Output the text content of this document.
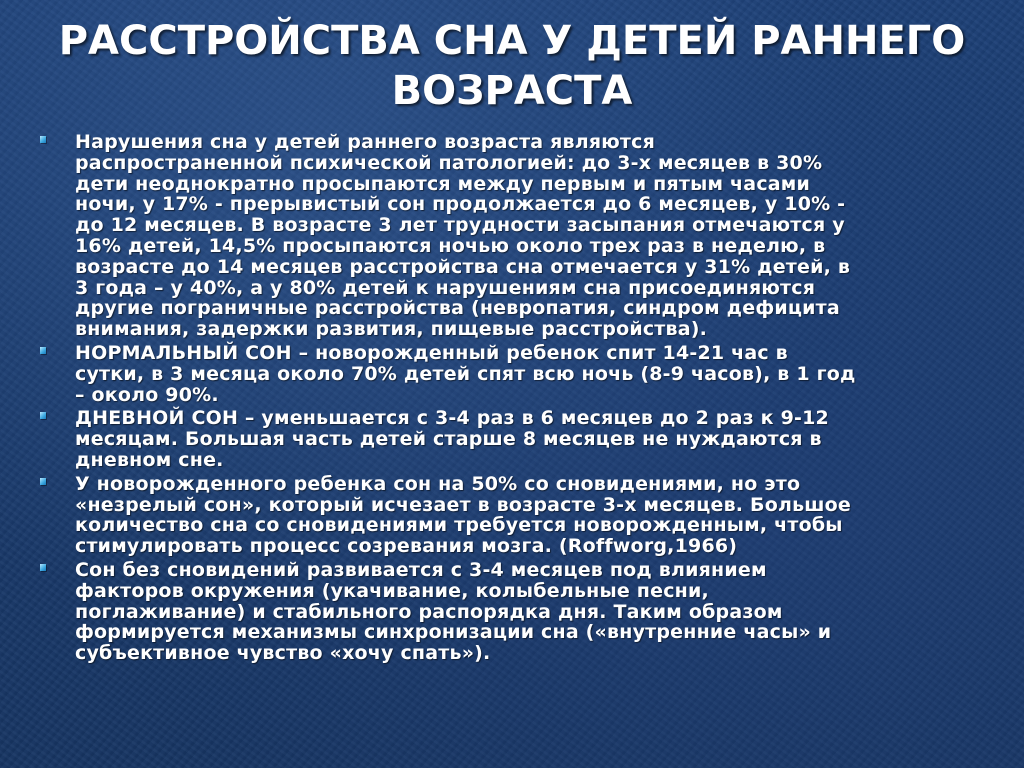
РАССТРОЙСТВА СНА У ДЕТЕЙ РАННЕГО
ВОЗРАСТА
Нарушения сна у детей раннего возраста являются
распространенной психической патологией: до 3-х месяцев в 30%
дети неоднократно просыпаются между первым и пятым часами
ночи, у 17% - прерывистый сон продолжается до 6 месяцев, у 10% -
до 12 месяцев. В возрасте 3 лет трудности засыпания отмечаются у
16% детей, 14,5% просыпаются ночью около трех раз в неделю, в
возрасте до 14 месяцев расстройства сна отмечается у 31% детей, в
3 года – у 40%, а у 80% детей к нарушениям сна присоединяются
другие пограничные расстройства (невропатия, синдром дефицита
внимания, задержки развития, пищевые расстройства).
НОРМАЛЬНЫЙ СОН – новорожденный ребенок спит 14-21 час в
сутки, в 3 месяца около 70% детей спят всю ночь (8-9 часов), в 1 год
– около 90%.
ДНЕВНОЙ СОН – уменьшается с 3-4 раз в 6 месяцев до 2 раз к 9-12
месяцам. Большая часть детей старше 8 месяцев не нуждаются в
дневном сне.
У новорожденного ребенка сон на 50% со сновидениями, но это
«незрелый сон», который исчезает в возрасте 3-х месяцев. Большое
количество сна со сновидениями требуется новорожденным, чтобы
стимулировать процесс созревания мозга. (Roffworg,1966)
Сон без сновидений развивается с 3-4 месяцев под влиянием
факторов окружения (укачивание, колыбельные песни,
поглаживание) и стабильного распорядка дня. Таким образом
формируется механизмы синхронизации сна («внутренние часы» и
субъективное чувство «хочу спать»).
